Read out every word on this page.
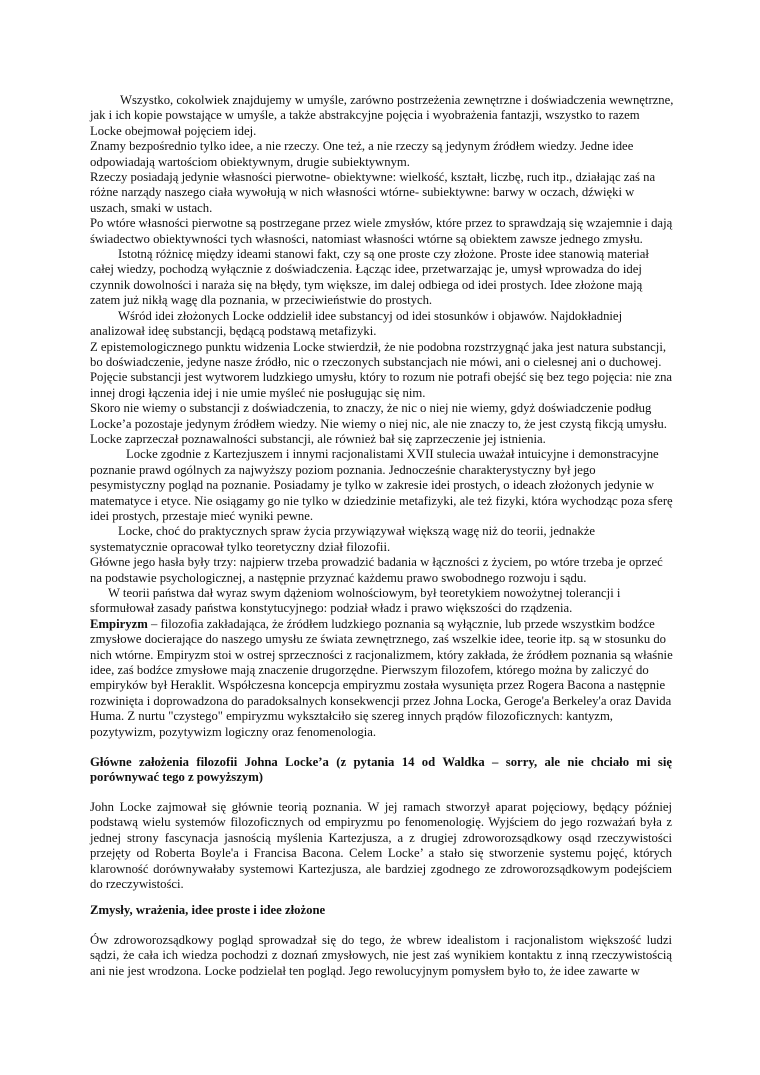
Wszystko, cokolwiek znajdujemy w umyśle, zarówno postrzeżenia zewnętrzne i doświadczenia wewnętrzne, jak i ich kopie powstające w umyśle, a także abstrakcyjne pojęcia i wyobrażenia fantazji, wszystko to razem Locke obejmował pojęciem idej.

Znamy bezpośrednio tylko idee, a nie rzeczy. One też, a nie rzeczy są jedynym źródłem wiedzy. Jedne idee odpowiadają wartościom obiektywnym, drugie subiektywnym.

Rzeczy posiadają jedynie własności pierwotne- obiektywne: wielkość, kształt, liczbę, ruch itp., działając zaś na różne narządy naszego ciała wywołują w nich własności wtórne- subiektywne: barwy w oczach, dźwięki w uszach, smaki w ustach.

Po wtóre własności pierwotne są postrzegane przez wiele zmysłów, które przez to sprawdzają się wzajemnie i dają świadectwo obiektywności tych własności, natomiast własności wtórne są obiektem zawsze jednego zmysłu.

Istotną różnicę między ideami stanowi fakt, czy są one proste czy złożone. Proste idee stanowią materiał całej wiedzy, pochodzą wyłącznie z doświadczenia. Łącząc idee, przetwarzając je, umysł wprowadza do idej czynnik dowolności i naraża się na błędy, tym większe, im dalej odbiega od idei prostych. Idee złożone mają zatem już nikłą wagę dla poznania, w przeciwieństwie do prostych.

Wśród idei złożonych Locke oddzielił idee substancyj od idei stosunków i objawów. Najdokładniej analizował ideę substancji, będącą podstawą metafizyki.

Z epistemologicznego punktu widzenia Locke stwierdził, że nie podobna rozstrzygnąć jaka jest natura substancji, bo doświadczenie, jedyne nasze źródło, nic o rzeczonych substancjach nie mówi, ani o cielesnej ani o duchowej. Pojęcie substancji jest wytworem ludzkiego umysłu, który to rozum nie potrafi obejść się bez tego pojęcia: nie zna innej drogi łączenia idej i nie umie myśleć nie posługując się nim.

Skoro nie wiemy o substancji z doświadczenia, to znaczy, że nic o niej nie wiemy, gdyż doświadczenie podług Locke’a pozostaje jedynym źródłem wiedzy. Nie wiemy o niej nic, ale nie znaczy to, że jest czystą fikcją umysłu. Locke zaprzeczał poznawalności substancji, ale również bał się zaprzeczenie jej istnienia.

Locke zgodnie z Kartezjuszem i innymi racjonalistami XVII stulecia uważał intuicyjne i demonstracyjne poznanie prawd ogólnych za najwyższy poziom poznania. Jednocześnie charakterystyczny był jego pesymistyczny pogląd na poznanie. Posiadamy je tylko w zakresie idei prostych, o ideach złożonych jedynie w matematyce i etyce. Nie osiągamy go nie tylko w dziedzinie metafizyki, ale też fizyki, która wychodząc poza sferę idei prostych, przestaje mieć wyniki pewne.

Locke, choć do praktycznych spraw życia przywiązywał większą wagę niż do teorii, jednakże systematycznie opracował tylko teoretyczny dział filozofii.

Główne jego hasła były trzy: najpierw trzeba prowadzić badania w łączności z życiem, po wtóre trzeba je oprzeć na podstawie psychologicznej, a następnie przyznać każdemu prawo swobodnego rozwoju i sądu.

W teorii państwa dał wyraz swym dążeniom wolnościowym, był teoretykiem nowożytnej tolerancji i sformułował zasady państwa konstytucyjnego: podział władz i prawo większości do rządzenia.

Empiryzm – filozofia zakładająca, że źródłem ludzkiego poznania są wyłącznie, lub przede wszystkim bodźce zmysłowe docierające do naszego umysłu ze świata zewnętrznego, zaś wszelkie idee, teorie itp. są w stosunku do nich wtórne. Empiryzm stoi w ostrej sprzeczności z racjonalizmem, który zakłada, że źródłem poznania są właśnie idee, zaś bodźce zmysłowe mają znaczenie drugorzędne. Pierwszym filozofem, którego można by zaliczyć do empiryków był Heraklit. Współczesna koncepcja empiryzmu została wysunięta przez Rogera Bacona a następnie rozwinięta i doprowadzona do paradoksalnych konsekwencji przez Johna Locka, Geroge'a Berkeley'a oraz Davida Huma. Z nurtu "czystego" empiryzmu wykształciło się szereg innych prądów filozoficznych: kantyzm, pozytywizm, pozytywizm logiczny oraz fenomenologia.

Główne założenia filozofii Johna Locke’a (z pytania 14 od Waldka – sorry, ale nie chciało mi się porównywać tego z powyższym)

John Locke zajmował się głównie teorią poznania. W jej ramach stworzył aparat pojęciowy, będący później podstawą wielu systemów filozoficznych od empiryzmu po fenomenologię. Wyjściem do jego rozważań była z jednej strony fascynacja jasnością myślenia Kartezjusza, a z drugiej zdroworozsądkowy osąd rzeczywistości przejęty od Roberta Boyle'a i Francisa Bacona. Celem Locke’ a stało się stworzenie systemu pojęć, których klarowność dorównywałaby systemowi Kartezjusza, ale bardziej zgodnego ze zdroworozsądkowym podejściem do rzeczywistości.

Zmysły, wrażenia, idee proste i idee złożone

Ów zdroworozsądkowy pogląd sprowadzał się do tego, że wbrew idealistom i racjonalistom większość ludzi sądzi, że cała ich wiedza pochodzi z doznań zmysłowych, nie jest zaś wynikiem kontaktu z inną rzeczywistością ani nie jest wrodzona. Locke podzielał ten pogląd. Jego rewolucyjnym pomysłem było to, że idee zawarte w
